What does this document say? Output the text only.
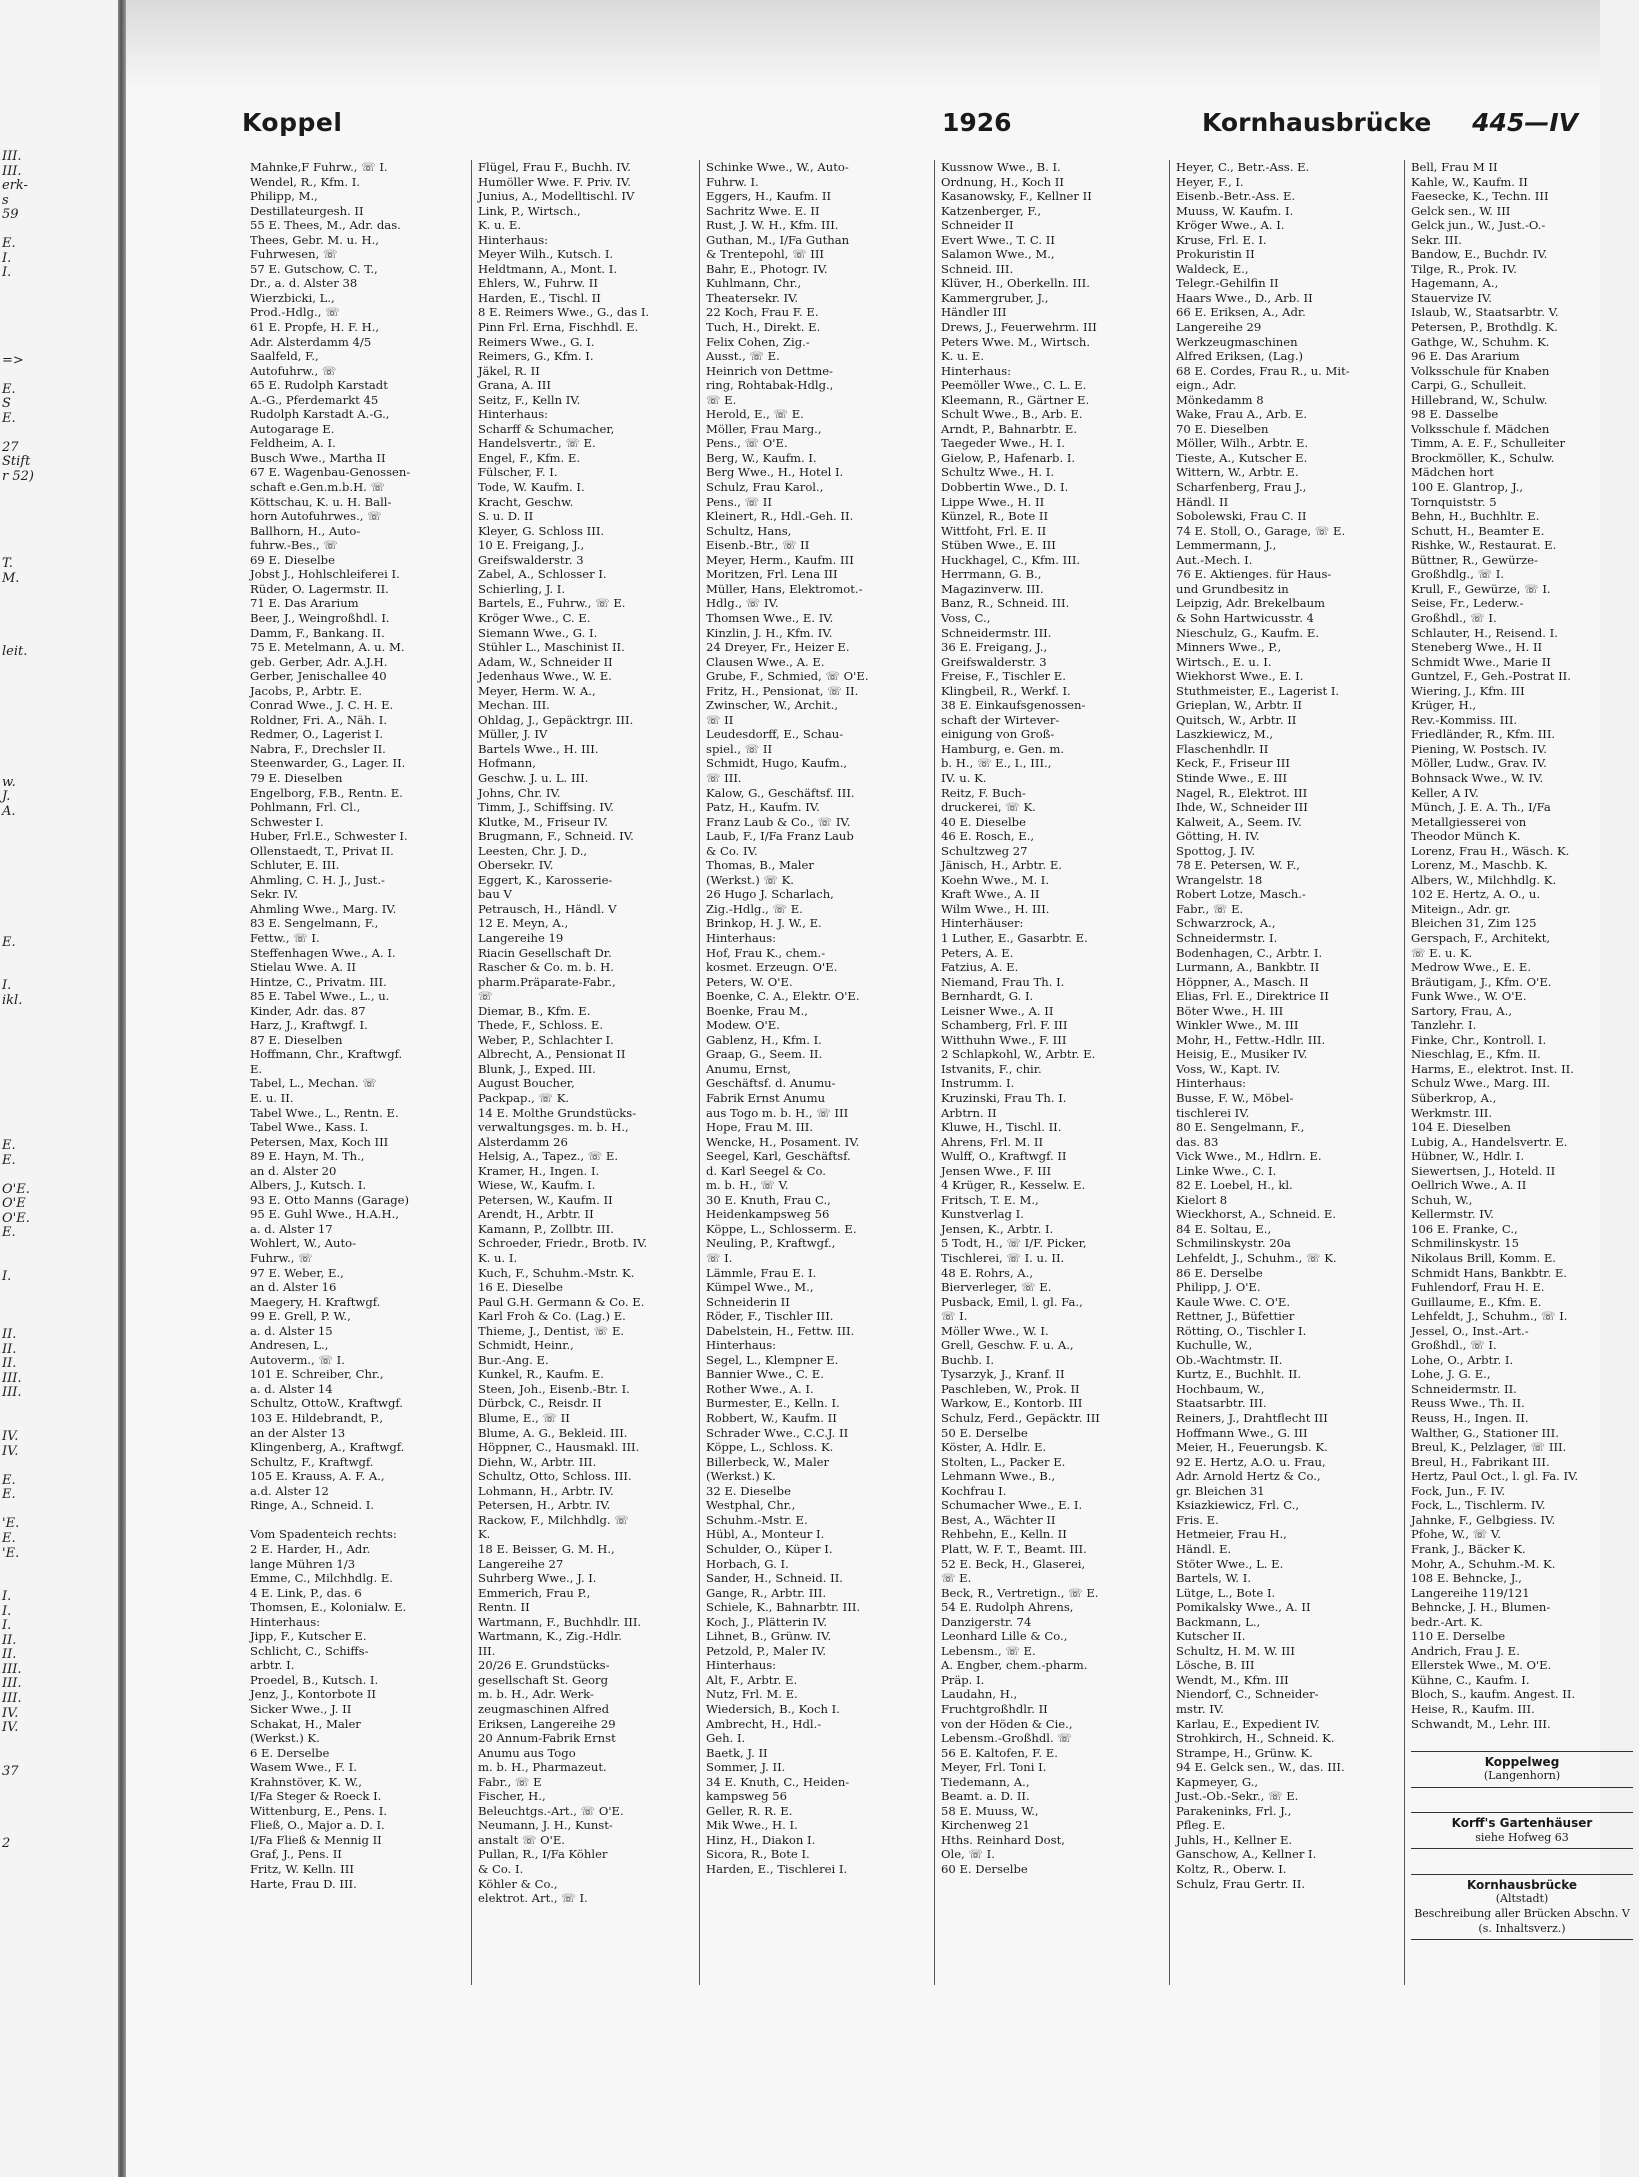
III.
III.
erk-
s
59
E.
I.
I.
=>
E.
S
E.
27
Stift
r 52)
T.
M.
leit.
w.
J.
A.
E.
I.
ikl.
E.
E.
O'E.
O'E
O'E.
E.
I.
II.
II.
II.
III.
III.
IV.
IV.
E.
E.
'E.
E.
'E.
I.
I.
I.
II.
II.
III.
III.
III.
IV.
IV.
37
2
Koppel	1926	Kornhausbrücke 445—IV
Mahnke,F Fuhrw., ☏ I.
Wendel, R., Kfm. I.
Philipp, M.,
Destillateurgesh. II
55 E. Thees, M., Adr. das.
Thees, Gebr. M. u. H.,
Fuhrwesen, ☏
57 E. Gutschow, C. T.,
Dr., a. d. Alster 38
Wierzbicki, L.,
Prod.-Hdlg., ☏
61 E. Propfe, H. F. H.,
Adr. Alsterdamm 4/5
Saalfeld, F.,
Autofuhrw., ☏
65 E. Rudolph Karstadt
A.-G., Pferdemarkt 45
Rudolph Karstadt A.-G.,
Autogarage E.
Feldheim, A. I.
Busch Wwe., Martha II
67 E. Wagenbau-Genossen-
schaft e.Gen.m.b.H. ☏
Köttschau, K. u. H. Ball-
horn Autofuhrwes., ☏
Ballhorn, H., Auto-
fuhrw.-Bes., ☏
69 E. Dieselbe
Jobst J., Hohlschleiferei I.
Rüder, O. Lagermstr. II.
71 E. Das Ararium
Beer, J., Weingroßhdl. I.
Damm, F., Bankang. II.
75 E. Metelmann, A. u. M.
geb. Gerber, Adr. A.J.H.
Gerber, Jenischallee 40
Jacobs, P., Arbtr. E.
Conrad Wwe., J. C. H. E.
Roldner, Fri. A., Näh. I.
Redmer, O., Lagerist I.
Nabra, F., Drechsler II.
Steenwarder, G., Lager. II.
79 E. Dieselben
Engelborg, F.B., Rentn. E.
Pohlmann, Frl. Cl.,
Schwester I.
Huber, Frl.E., Schwester I.
Ollenstaedt, T., Privat II.
Schluter, E. III.
Ahmling, C. H. J., Just.-
Sekr. IV.
Ahmling Wwe., Marg. IV.
83 E. Sengelmann, F.,
Fettw., ☏ I.
Steffenhagen Wwe., A. I.
Stielau Wwe. A. II
Hintze, C., Privatm. III.
85 E. Tabel Wwe., L., u.
Kinder, Adr. das. 87
Harz, J., Kraftwgf. I.
87 E. Dieselben
Hoffmann, Chr., Kraftwgf.
E.
Tabel, L., Mechan. ☏
E. u. II.
Tabel Wwe., L., Rentn. E.
Tabel Wwe., Kass. I.
Petersen, Max, Koch III
89 E. Hayn, M. Th.,
an d. Alster 20
Albers, J., Kutsch. I.
93 E. Otto Manns (Garage)
95 E. Guhl Wwe., H.A.H.,
a. d. Alster 17
Wohlert, W., Auto-
Fuhrw., ☏
97 E. Weber, E.,
an d. Alster 16
Maegery, H. Kraftwgf.
99 E. Grell, P. W.,
a. d. Alster 15
Andresen, L.,
Autoverm., ☏ I.
101 E. Schreiber, Chr.,
a. d. Alster 14
Schultz, OttoW., Kraftwgf.
103 E. Hildebrandt, P.,
an der Alster 13
Klingenberg, A., Kraftwgf.
Schultz, F., Kraftwgf.
105 E. Krauss, A. F. A.,
a.d. Alster 12
Ringe, A., Schneid. I.
Vom Spadenteich rechts:
2 E. Harder, H., Adr.
lange Mühren 1/3
Emme, C., Milchhdlg. E.
4 E. Link, P., das. 6
Thomsen, E., Kolonialw. E.
Hinterhaus:
Jipp, F., Kutscher E.
Schlicht, C., Schiffs-
arbtr. I.
Proedel, B., Kutsch. I.
Jenz, J., Kontorbote II
Sicker Wwe., J. II
Schakat, H., Maler
(Werkst.) K.
6 E. Derselbe
Wasem Wwe., F. I.
Krahnstöver, K. W.,
I/Fa Steger & Roeck I.
Wittenburg, E., Pens. I.
Fließ, O., Major a. D. I.
I/Fa Fließ & Mennig II
Graf, J., Pens. II
Fritz, W. Kelln. III
Harte, Frau D. III.
Flügel, Frau F., Buchh. IV.
Humöller Wwe. F. Priv. IV.
Junius, A., Modelltischl. IV
Link, P., Wirtsch.,
K. u. E.
Hinterhaus:
Meyer Wilh., Kutsch. I.
Heldtmann, A., Mont. I.
Ehlers, W., Fuhrw. II
Harden, E., Tischl. II
8 E. Reimers Wwe., G., das I.
Pinn Frl. Erna, Fischhdl. E.
Reimers Wwe., G. I.
Reimers, G., Kfm. I.
Jäkel, R. II
Grana, A. III
Seitz, F., Kelln IV.
Hinterhaus:
Scharff & Schumacher,
Handelsvertr., ☏ E.
Engel, F., Kfm. E.
Fülscher, F. I.
Tode, W. Kaufm. I.
Kracht, Geschw.
S. u. D. II
Kleyer, G. Schloss III.
10 E. Freigang, J.,
Greifswalderstr. 3
Zabel, A., Schlosser I.
Schierling, J. I.
Bartels, E., Fuhrw., ☏ E.
Kröger Wwe., C. E.
Siemann Wwe., G. I.
Stühler L., Maschinist II.
Adam, W., Schneider II
Jedenhaus Wwe., W. E.
Meyer, Herm. W. A.,
Mechan. III.
Ohldag, J., Gepäcktrgr. III.
Müller, J. IV
Bartels Wwe., H. III.
Hofmann,
Geschw. J. u. L. III.
Johns, Chr. IV.
Timm, J., Schiffsing. IV.
Klutke, M., Friseur IV.
Brugmann, F., Schneid. IV.
Leesten, Chr. J. D.,
Obersekr. IV.
Eggert, K., Karosserie-
bau V
Petrausch, H., Händl. V
12 E. Meyn, A.,
Langereihe 19
Riacin Gesellschaft Dr.
Rascher & Co. m. b. H.
pharm.Präparate-Fabr.,
☏
Diemar, B., Kfm. E.
Thede, F., Schloss. E.
Weber, P., Schlachter I.
Albrecht, A., Pensionat II
Blunk, J., Exped. III.
August Boucher,
Packpap., ☏ K.
14 E. Molthe Grundstücks-
verwaltungsges. m. b. H.,
Alsterdamm 26
Helsig, A., Tapez., ☏ E.
Kramer, H., Ingen. I.
Wiese, W., Kaufm. I.
Petersen, W., Kaufm. II
Arendt, H., Arbtr. II
Kamann, P., Zollbtr. III.
Schroeder, Friedr., Brotb. IV.
K. u. I.
Kuch, F., Schuhm.-Mstr. K.
16 E. Dieselbe
Paul G.H. Germann & Co. E.
Karl Froh & Co. (Lag.) E.
Thieme, J., Dentist, ☏ E.
Schmidt, Heinr.,
Bur.-Ang. E.
Kunkel, R., Kaufm. E.
Steen, Joh., Eisenb.-Btr. I.
Dürbck, C., Reisdr. II
Blume, E., ☏ II
Blume, A. G., Bekleid. III.
Höppner, C., Hausmakl. III.
Diehn, W., Arbtr. III.
Schultz, Otto, Schloss. III.
Lohmann, H., Arbtr. IV.
Petersen, H., Arbtr. IV.
Rackow, F., Milchhdlg. ☏
K.
18 E. Beisser, G. M. H.,
Langereihe 27
Suhrberg Wwe., J. I.
Emmerich, Frau P.,
Rentn. II
Wartmann, F., Buchhdlr. III.
Wartmann, K., Zig.-Hdlr.
III.
20/26 E. Grundstücks-
gesellschaft St. Georg
m. b. H., Adr. Werk-
zeugmaschinen Alfred
Eriksen, Langereihe 29
20 Annum-Fabrik Ernst
Anumu aus Togo
m. b. H., Pharmazeut.
Fabr., ☏ E
Fischer, H.,
Beleuchtgs.-Art., ☏ O'E.
Neumann, J. H., Kunst-
anstalt ☏ O'E.
Pullan, R., I/Fa Köhler
& Co. I.
Köhler & Co.,
elektrot. Art., ☏ I.
Schinke Wwe., W., Auto-
Fuhrw. I.
Eggers, H., Kaufm. II
Sachritz Wwe. E. II
Rust, J. W. H., Kfm. III.
Guthan, M., I/Fa Guthan
& Trentepohl, ☏ III
Bahr, E., Photogr. IV.
Kuhlmann, Chr.,
Theatersekr. IV.
22 Koch, Frau F. E.
Tuch, H., Direkt. E.
Felix Cohen, Zig.-
Ausst., ☏ E.
Heinrich von Dettme-
ring, Rohtabak-Hdlg.,
☏ E.
Herold, E., ☏ E.
Möller, Frau Marg.,
Pens., ☏ O'E.
Berg, W., Kaufm. I.
Berg Wwe., H., Hotel I.
Schulz, Frau Karol.,
Pens., ☏ II
Kleinert, R., Hdl.-Geh. II.
Schultz, Hans,
Eisenb.-Btr., ☏ II
Meyer, Herm., Kaufm. III
Moritzen, Frl. Lena III
Müller, Hans, Elektromot.-
Hdlg., ☏ IV.
Thomsen Wwe., E. IV.
Kinzlin, J. H., Kfm. IV.
24 Dreyer, Fr., Heizer E.
Clausen Wwe., A. E.
Grube, F., Schmied, ☏ O'E.
Fritz, H., Pensionat, ☏ II.
Zwinscher, W., Archit.,
☏ II
Leudesdorff, E., Schau-
spiel., ☏ II
Schmidt, Hugo, Kaufm.,
☏ III.
Kalow, G., Geschäftsf. III.
Patz, H., Kaufm. IV.
Franz Laub & Co., ☏ IV.
Laub, F., I/Fa Franz Laub
& Co. IV.
Thomas, B., Maler
(Werkst.) ☏ K.
26 Hugo J. Scharlach,
Zig.-Hdlg., ☏ E.
Brinkop, H. J. W., E.
Hinterhaus:
Hof, Frau K., chem.-
kosmet. Erzeugn. O'E.
Peters, W. O'E.
Boenke, C. A., Elektr. O'E.
Boenke, Frau M.,
Modew. O'E.
Gablenz, H., Kfm. I.
Graap, G., Seem. II.
Anumu, Ernst,
Geschäftsf. d. Anumu-
Fabrik Ernst Anumu
aus Togo m. b. H., ☏ III
Hope, Frau M. III.
Wencke, H., Posament. IV.
Seegel, Karl, Geschäftsf.
d. Karl Seegel & Co.
m. b. H., ☏ V.
30 E. Knuth, Frau C.,
Heidenkampsweg 56
Köppe, L., Schlosserm. E.
Neuling, P., Kraftwgf.,
☏ I.
Lämmle, Frau E. I.
Kümpel Wwe., M.,
Schneiderin II
Röder, F., Tischler III.
Dabelstein, H., Fettw. III.
Hinterhaus:
Segel, L., Klempner E.
Bannier Wwe., C. E.
Rother Wwe., A. I.
Burmester, E., Kelln. I.
Robbert, W., Kaufm. II
Schrader Wwe., C.C.J. II
Köppe, L., Schloss. K.
Billerbeck, W., Maler
(Werkst.) K.
32 E. Dieselbe
Westphal, Chr.,
Schuhm.-Mstr. E.
Hübl, A., Monteur I.
Schulder, O., Küper I.
Horbach, G. I.
Sander, H., Schneid. II.
Gange, R., Arbtr. III.
Schiele, K., Bahnarbtr. III.
Koch, J., Plätterin IV.
Lihnet, B., Grünw. IV.
Petzold, P., Maler IV.
Hinterhaus:
Alt, F., Arbtr. E.
Nutz, Frl. M. E.
Wiedersich, B., Koch I.
Ambrecht, H., Hdl.-
Geh. I.
Baetk, J. II
Sommer, J. II.
34 E. Knuth, C., Heiden-
kampsweg 56
Geller, R. R. E.
Mik Wwe., H. I.
Hinz, H., Diakon I.
Sicora, R., Bote I.
Harden, E., Tischlerei I.
Kussnow Wwe., B. I.
Ordnung, H., Koch II
Kasanowsky, F., Kellner II
Katzenberger, F.,
Schneider II
Evert Wwe., T. C. II
Salamon Wwe., M.,
Schneid. III.
Klüver, H., Oberkelln. III.
Kammergruber, J.,
Händler III
Drews, J., Feuerwehrm. III
Peters Wwe. M., Wirtsch.
K. u. E.
Hinterhaus:
Peemöller Wwe., C. L. E.
Kleemann, R., Gärtner E.
Schult Wwe., B., Arb. E.
Arndt, P., Bahnarbtr. E.
Taegeder Wwe., H. I.
Gielow, P., Hafenarb. I.
Schultz Wwe., H. I.
Dobbertin Wwe., D. I.
Lippe Wwe., H. II
Künzel, R., Bote II
Wittfoht, Frl. E. II
Stüben Wwe., E. III
Huckhagel, C., Kfm. III.
Herrmann, G. B.,
Magazinverw. III.
Banz, R., Schneid. III.
Voss, C.,
Schneidermstr. III.
36 E. Freigang, J.,
Greifswalderstr. 3
Freise, F., Tischler E.
Klingbeil, R., Werkf. I.
38 E. Einkaufsgenossen-
schaft der Wirtever-
einigung von Groß-
Hamburg, e. Gen. m.
b. H., ☏ E., I., III.,
IV. u. K.
Reitz, F. Buch-
druckerei, ☏ K.
40 E. Dieselbe
46 E. Rosch, E.,
Schultzweg 27
Jänisch, H., Arbtr. E.
Koehn Wwe., M. I.
Kraft Wwe., A. II
Wilm Wwe., H. III.
Hinterhäuser:
1 Luther, E., Gasarbtr. E.
Peters, A. E.
Fatzius, A. E.
Niemand, Frau Th. I.
Bernhardt, G. I.
Leisner Wwe., A. II
Schamberg, Frl. F. III
Witthuhn Wwe., F. III
2 Schlapkohl, W., Arbtr. E.
Istvanits, F., chir.
Instrumm. I.
Kruzinski, Frau Th. I.
Arbtrn. II
Kluwe, H., Tischl. II.
Ahrens, Frl. M. II
Wulff, O., Kraftwgf. II
Jensen Wwe., F. III
4 Krüger, R., Kesselw. E.
Fritsch, T. E. M.,
Kunstverlag I.
Jensen, K., Arbtr. I.
5 Todt, H., ☏ I/F. Picker,
Tischlerei, ☏ I. u. II.
48 E. Rohrs, A.,
Bierverleger, ☏ E.
Pusback, Emil, l. gl. Fa.,
☏ I.
Möller Wwe., W. I.
Grell, Geschw. F. u. A.,
Buchb. I.
Tysarzyk, J., Kranf. II
Paschleben, W., Prok. II
Warkow, E., Kontorb. III
Schulz, Ferd., Gepäcktr. III
50 E. Derselbe
Köster, A. Hdlr. E.
Stolten, L., Packer E.
Lehmann Wwe., B.,
Kochfrau I.
Schumacher Wwe., E. I.
Best, A., Wächter II
Rehbehn, E., Kelln. II
Platt, W. F. T., Beamt. III.
52 E. Beck, H., Glaserei,
☏ E.
Beck, R., Vertretign., ☏ E.
54 E. Rudolph Ahrens,
Danzigerstr. 74
Leonhard Lille & Co.,
Lebensm., ☏ E.
A. Engber, chem.-pharm.
Präp. I.
Laudahn, H.,
Fruchtgroßhdlr. II
von der Höden & Cie.,
Lebensm.-Großhdl. ☏
56 E. Kaltofen, F. E.
Meyer, Frl. Toni I.
Tiedemann, A.,
Beamt. a. D. II.
58 E. Muuss, W.,
Kirchenweg 21
Hths. Reinhard Dost,
Ole, ☏ I.
60 E. Derselbe
Heyer, C., Betr.-Ass. E.
Heyer, F., I.
Eisenb.-Betr.-Ass. E.
Muuss, W. Kaufm. I.
Kröger Wwe., A. I.
Kruse, Frl. E. I.
Prokuristin II
Waldeck, E.,
Telegr.-Gehilfin II
Haars Wwe., D., Arb. II
66 E. Eriksen, A., Adr.
Langereihe 29
Werkzeugmaschinen
Alfred Eriksen, (Lag.)
68 E. Cordes, Frau R., u. Mit-
eign., Adr.
Mönkedamm 8
Wake, Frau A., Arb. E.
70 E. Dieselben
Möller, Wilh., Arbtr. E.
Tieste, A., Kutscher E.
Wittern, W., Arbtr. E.
Scharfenberg, Frau J.,
Händl. II
Sobolewski, Frau C. II
74 E. Stoll, O., Garage, ☏ E.
Lemmermann, J.,
Aut.-Mech. I.
76 E. Aktienges. für Haus-
und Grundbesitz in
Leipzig, Adr. Brekelbaum
& Sohn Hartwicusstr. 4
Nieschulz, G., Kaufm. E.
Minners Wwe., P.,
Wirtsch., E. u. I.
Wiekhorst Wwe., E. I.
Stuthmeister, E., Lagerist I.
Grieplan, W., Arbtr. II
Quitsch, W., Arbtr. II
Laszkiewicz, M.,
Flaschenhdlr. II
Keck, F., Friseur III
Stinde Wwe., E. III
Nagel, R., Elektrot. III
Ihde, W., Schneider III
Kalweit, A., Seem. IV.
Götting, H. IV.
Spottog, J. IV.
78 E. Petersen, W. F.,
Wrangelstr. 18
Robert Lotze, Masch.-
Fabr., ☏ E.
Schwarzrock, A.,
Schneidermstr. I.
Bodenhagen, C., Arbtr. I.
Lurmann, A., Bankbtr. II
Höppner, A., Masch. II
Elias, Frl. E., Direktrice II
Böter Wwe., H. III
Winkler Wwe., M. III
Mohr, H., Fettw.-Hdlr. III.
Heisig, E., Musiker IV.
Voss, W., Kapt. IV.
Hinterhaus:
Busse, F. W., Möbel-
tischlerei IV.
80 E. Sengelmann, F.,
das. 83
Vick Wwe., M., Hdlrn. E.
Linke Wwe., C. I.
82 E. Loebel, H., kl.
Kielort 8
Wieckhorst, A., Schneid. E.
84 E. Soltau, E.,
Schmilinskystr. 20a
Lehfeldt, J., Schuhm., ☏ K.
86 E. Derselbe
Philipp, J. O'E.
Kaule Wwe. C. O'E.
Rettner, J., Büfettier
Rötting, O., Tischler I.
Kuchulle, W.,
Ob.-Wachtmstr. II.
Kurtz, E., Buchhlt. II.
Hochbaum, W.,
Staatsarbtr. III.
Reiners, J., Drahtflecht III
Hoffmann Wwe., G. III
Meier, H., Feuerungsb. K.
92 E. Hertz, A.O. u. Frau,
Adr. Arnold Hertz & Co.,
gr. Bleichen 31
Ksiazkiewicz, Frl. C.,
Fris. E.
Hetmeier, Frau H.,
Händl. E.
Stöter Wwe., L. E.
Bartels, W. I.
Lütge, L., Bote I.
Pomikalsky Wwe., A. II
Backmann, L.,
Kutscher II.
Schultz, H. M. W. III
Lösche, B. III
Wendt, M., Kfm. III
Niendorf, C., Schneider-
mstr. IV.
Karlau, E., Expedient IV.
Strohkirch, H., Schneid. K.
Strampe, H., Grünw. K.
94 E. Gelck sen., W., das. III.
Kapmeyer, G.,
Just.-Ob.-Sekr., ☏ E.
Parakeninks, Frl. J.,
Pfleg. E.
Juhls, H., Kellner E.
Ganschow, A., Kellner I.
Koltz, R., Oberw. I.
Schulz, Frau Gertr. II.
Bell, Frau M II
Kahle, W., Kaufm. II
Faesecke, K., Techn. III
Gelck sen., W. III
Gelck jun., W., Just.-O.-
Sekr. III.
Bandow, E., Buchdr. IV.
Tilge, R., Prok. IV.
Hagemann, A.,
Stauervize IV.
Islaub, W., Staatsarbtr. V.
Petersen, P., Brothdlg. K.
Gathge, W., Schuhm. K.
96 E. Das Ararium
Volksschule für Knaben
Carpi, G., Schulleit.
Hillebrand, W., Schulw.
98 E. Dasselbe
Volksschule f. Mädchen
Timm, A. E. F., Schulleiter
Brockmöller, K., Schulw.
Mädchen hort
100 E. Glantrop, J.,
Tornquiststr. 5
Behn, H., Buchhltr. E.
Schutt, H., Beamter E.
Rishke, W., Restaurat. E.
Büttner, R., Gewürze-
Großhdlg., ☏ I.
Krull, F., Gewürze, ☏ I.
Seise, Fr., Lederw.-
Großhdl., ☏ I.
Schlauter, H., Reisend. I.
Steneberg Wwe., H. II
Schmidt Wwe., Marie II
Guntzel, F., Geh.-Postrat II.
Wiering, J., Kfm. III
Krüger, H.,
Rev.-Kommiss. III.
Friedländer, R., Kfm. III.
Piening, W. Postsch. IV.
Möller, Ludw., Grav. IV.
Bohnsack Wwe., W. IV.
Keller, A IV.
Münch, J. E. A. Th., I/Fa
Metallgiesserei von
Theodor Münch K.
Lorenz, Frau H., Wäsch. K.
Lorenz, M., Maschb. K.
Albers, W., Milchhdlg. K.
102 E. Hertz, A. O., u.
Miteign., Adr. gr.
Bleichen 31, Zim 125
Gerspach, F., Architekt,
☏ E. u. K.
Medrow Wwe., E. E.
Bräutigam, J., Kfm. O'E.
Funk Wwe., W. O'E.
Sartory, Frau, A.,
Tanzlehr. I.
Finke, Chr., Kontroll. I.
Nieschlag, E., Kfm. II.
Harms, E., elektrot. Inst. II.
Schulz Wwe., Marg. III.
Süberkrop, A.,
Werkmstr. III.
104 E. Dieselben
Lubig, A., Handelsvertr. E.
Hübner, W., Hdlr. I.
Siewertsen, J., Hoteld. II
Oellrich Wwe., A. II
Schuh, W.,
Kellermstr. IV.
106 E. Franke, C.,
Schmilinskystr. 15
Nikolaus Brill, Komm. E.
Schmidt Hans, Bankbtr. E.
Fuhlendorf, Frau H. E.
Guillaume, E., Kfm. E.
Lehfeldt, J., Schuhm., ☏ I.
Jessel, O., Inst.-Art.-
Großhdl., ☏ I.
Lohe, O., Arbtr. I.
Lohe, J. G. E.,
Schneidermstr. II.
Reuss Wwe., Th. II.
Reuss, H., Ingen. II.
Walther, G., Stationer III.
Breul, K., Pelzlager, ☏ III.
Breul, H., Fabrikant III.
Hertz, Paul Oct., l. gl. Fa. IV.
Fock, Jun., F. IV.
Fock, L., Tischlerm. IV.
Jahnke, F., Gelbgiess. IV.
Pfohe, W., ☏ V.
Frank, J., Bäcker K.
Mohr, A., Schuhm.-M. K.
108 E. Behncke, J.,
Langereihe 119/121
Behncke, J. H., Blumen-
bedr.-Art. K.
110 E. Derselbe
Andrich, Frau J. E.
Ellerstek Wwe., M. O'E.
Kühne, C., Kaufm. I.
Bloch, S., kaufm. Angest. II.
Heise, R., Kaufm. III.
Schwandt, M., Lehr. III.
Koppelweg
(Langenhorn)
Korff's Gartenhäuser
siehe Hofweg 63
Kornhausbrücke
(Altstadt)
Beschreibung aller Brücken Abschn. V (s. Inhaltsverz.)
